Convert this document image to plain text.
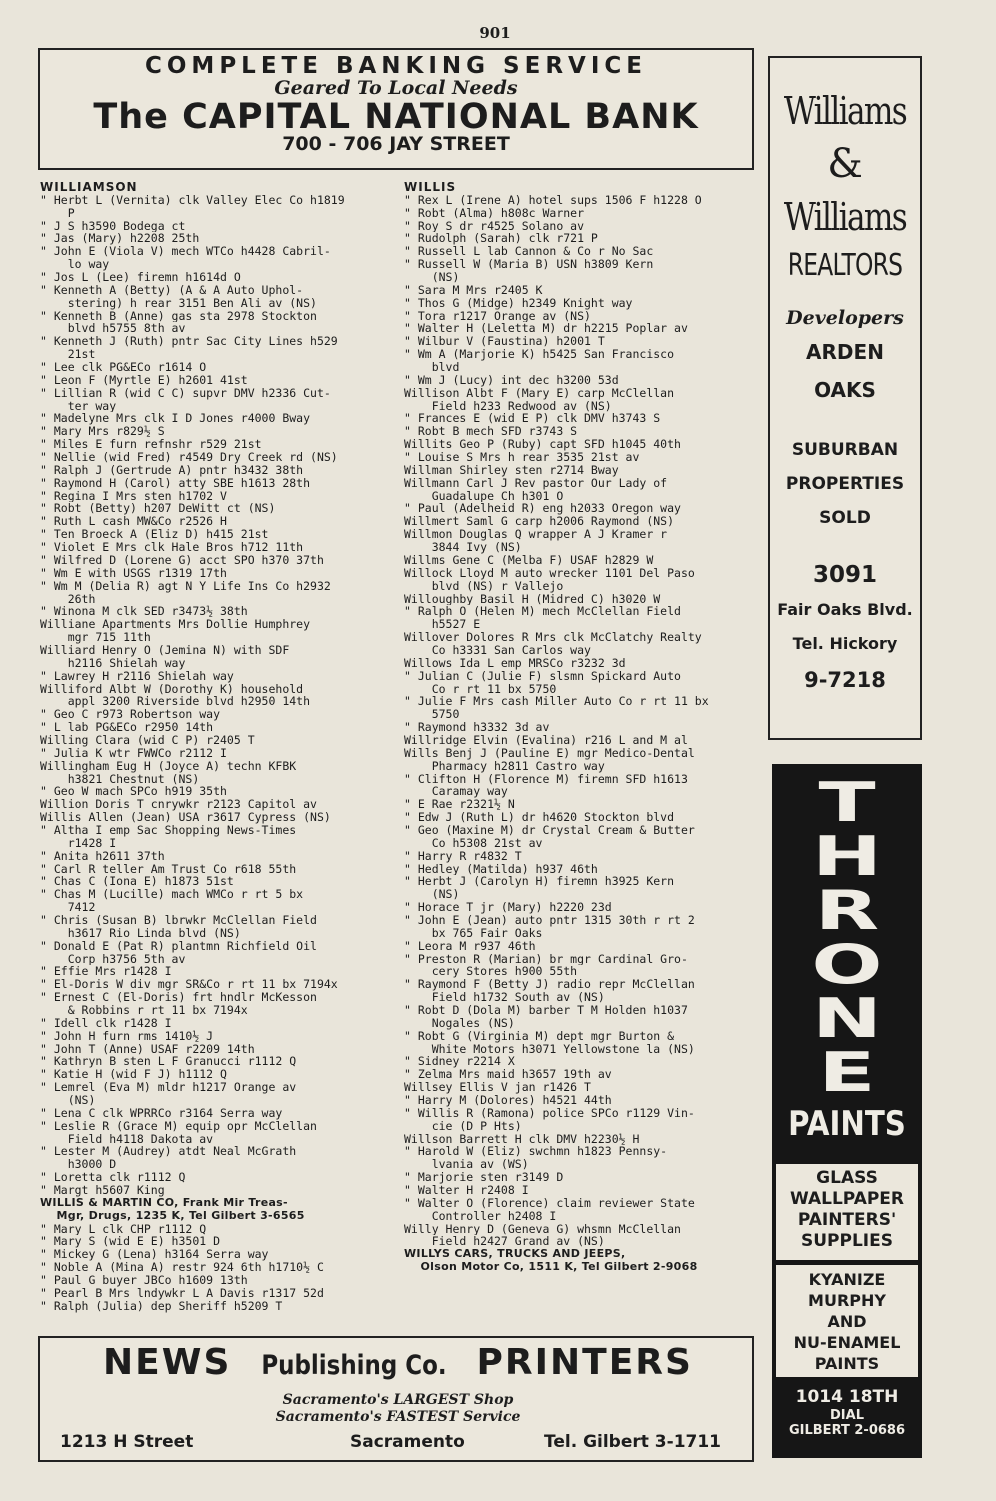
901
COMPLETE BANKING SERVICE
Geared To Local Needs
The CAPITAL NATIONAL BANK
700 - 706 JAY STREET
WILLIAMSON
" Herbt L (Vernita) clk Valley Elec Co h1819
P
" J S h3590 Bodega ct
" Jas (Mary) h2208 25th
" John E (Viola V) mech WTCo h4428 Cabril-
lo way
" Jos L (Lee) firemn h1614d O
" Kenneth A (Betty) (A & A Auto Uphol-
stering) h rear 3151 Ben Ali av (NS)
" Kenneth B (Anne) gas sta 2978 Stockton
blvd h5755 8th av
" Kenneth J (Ruth) pntr Sac City Lines h529
21st
" Lee clk PG&ECo r1614 O
" Leon F (Myrtle E) h2601 41st
" Lillian R (wid C C) supvr DMV h2336 Cut-
ter way
" Madelyne Mrs clk I D Jones r4000 Bway
" Mary Mrs r829½ S
" Miles E furn refnshr r529 21st
" Nellie (wid Fred) r4549 Dry Creek rd (NS)
" Ralph J (Gertrude A) pntr h3432 38th
" Raymond H (Carol) atty SBE h1613 28th
" Regina I Mrs sten h1702 V
" Robt (Betty) h207 DeWitt ct (NS)
" Ruth L cash MW&Co r2526 H
" Ten Broeck A (Eliz D) h415 21st
" Violet E Mrs clk Hale Bros h712 11th
" Wilfred D (Lorene G) acct SPO h370 37th
" Wm E with USGS r1319 17th
" Wm M (Delia R) agt N Y Life Ins Co h2932
26th
" Winona M clk SED r3473½ 38th
Williane Apartments Mrs Dollie Humphrey
mgr 715 11th
Williard Henry O (Jemina N) with SDF
h2116 Shielah way
" Lawrey H r2116 Shielah way
Williford Albt W (Dorothy K) household
appl 3200 Riverside blvd h2950 14th
" Geo C r973 Robertson way
" L lab PG&ECo r2950 14th
Willing Clara (wid C P) r2405 T
" Julia K wtr FWWCo r2112 I
Willingham Eug H (Joyce A) techn KFBK
h3821 Chestnut (NS)
" Geo W mach SPCo h919 35th
Willion Doris T cnrywkr r2123 Capitol av
Willis Allen (Jean) USA r3617 Cypress (NS)
" Altha I emp Sac Shopping News-Times
r1428 I
" Anita h2611 37th
" Carl R teller Am Trust Co r618 55th
" Chas C (Iona E) h1873 51st
" Chas M (Lucille) mach WMCo r rt 5 bx
7412
" Chris (Susan B) lbrwkr McClellan Field
h3617 Rio Linda blvd (NS)
" Donald E (Pat R) plantmn Richfield Oil
Corp h3756 5th av
" Effie Mrs r1428 I
" El-Doris W div mgr SR&Co r rt 11 bx 7194x
" Ernest C (El-Doris) frt hndlr McKesson
& Robbins r rt 11 bx 7194x
" Idell clk r1428 I
" John H furn rms 1410½ J
" John T (Anne) USAF r2209 14th
" Kathryn B sten L F Granucci r1112 Q
" Katie H (wid F J) h1112 Q
" Lemrel (Eva M) mldr h1217 Orange av
(NS)
" Lena C clk WPRRCo r3164 Serra way
" Leslie R (Grace M) equip opr McClellan
Field h4118 Dakota av
" Lester M (Audrey) atdt Neal McGrath
h3000 D
" Loretta clk r1112 Q
" Margt h5607 King
WILLIS & MARTIN CO, Frank Mir Treas-
Mgr, Drugs, 1235 K, Tel Gilbert 3-6565
" Mary L clk CHP r1112 Q
" Mary S (wid E E) h3501 D
" Mickey G (Lena) h3164 Serra way
" Noble A (Mina A) restr 924 6th h1710½ C
" Paul G buyer JBCo h1609 13th
" Pearl B Mrs lndywkr L A Davis r1317 52d
" Ralph (Julia) dep Sheriff h5209 T
WILLIS
" Rex L (Irene A) hotel sups 1506 F h1228 O
" Robt (Alma) h808c Warner
" Roy S dr r4525 Solano av
" Rudolph (Sarah) clk r721 P
" Russell L lab Cannon & Co r No Sac
" Russell W (Maria B) USN h3809 Kern
(NS)
" Sara M Mrs r2405 K
" Thos G (Midge) h2349 Knight way
" Tora r1217 Orange av (NS)
" Walter H (Leletta M) dr h2215 Poplar av
" Wilbur V (Faustina) h2001 T
" Wm A (Marjorie K) h5425 San Francisco
blvd
" Wm J (Lucy) int dec h3200 53d
Willison Albt F (Mary E) carp McClellan
Field h233 Redwood av (NS)
" Frances E (wid E P) clk DMV h3743 S
" Robt B mech SFD r3743 S
Willits Geo P (Ruby) capt SFD h1045 40th
" Louise S Mrs h rear 3535 21st av
Willman Shirley sten r2714 Bway
Willmann Carl J Rev pastor Our Lady of
Guadalupe Ch h301 O
" Paul (Adelheid R) eng h2033 Oregon way
Willmert Saml G carp h2006 Raymond (NS)
Willmon Douglas Q wrapper A J Kramer r
3844 Ivy (NS)
Willms Gene C (Melba F) USAF h2829 W
Willock Lloyd M auto wrecker 1101 Del Paso
blvd (NS) r Vallejo
Willoughby Basil H (Midred C) h3020 W
" Ralph O (Helen M) mech McClellan Field
h5527 E
Willover Dolores R Mrs clk McClatchy Realty
Co h3331 San Carlos way
Willows Ida L emp MRSCo r3232 3d
" Julian C (Julie F) slsmn Spickard Auto
Co r rt 11 bx 5750
" Julie F Mrs cash Miller Auto Co r rt 11 bx
5750
" Raymond h3332 3d av
Willridge Elvin (Evalina) r216 L and M al
Wills Benj J (Pauline E) mgr Medico-Dental
Pharmacy h2811 Castro way
" Clifton H (Florence M) firemn SFD h1613
Caramay way
" E Rae r2321½ N
" Edw J (Ruth L) dr h4620 Stockton blvd
" Geo (Maxine M) dr Crystal Cream & Butter
Co h5308 21st av
" Harry R r4832 T
" Hedley (Matilda) h937 46th
" Herbt J (Carolyn H) firemn h3925 Kern
(NS)
" Horace T jr (Mary) h2220 23d
" John E (Jean) auto pntr 1315 30th r rt 2
bx 765 Fair Oaks
" Leora M r937 46th
" Preston R (Marian) br mgr Cardinal Gro-
cery Stores h900 55th
" Raymond F (Betty J) radio repr McClellan
Field h1732 South av (NS)
" Robt D (Dola M) barber T M Holden h1037
Nogales (NS)
" Robt G (Virginia M) dept mgr Burton &
White Motors h3071 Yellowstone la (NS)
" Sidney r2214 X
" Zelma Mrs maid h3657 19th av
Willsey Ellis V jan r1426 T
" Harry M (Dolores) h4521 44th
" Willis R (Ramona) police SPCo r1129 Vin-
cie (D P Hts)
Willson Barrett H clk DMV h2230½ H
" Harold W (Eliz) swchmn h1823 Pennsy-
lvania av (WS)
" Marjorie sten r3149 D
" Walter H r2408 I
" Walter O (Florence) claim reviewer State
Controller h2408 I
Willy Henry D (Geneva G) whsmn McClellan
Field h2427 Grand av (NS)
WILLYS CARS, TRUCKS AND JEEPS,
Olson Motor Co, 1511 K, Tel Gilbert 2-9068
Williams
&
Williams
REALTORS
Developers
ARDEN
OAKS
SUBURBAN
PROPERTIES
SOLD
3091
Fair Oaks Blvd.
Tel. Hickory
9-7218
T
H
R
O
N
E
PAINTS
GLASS
WALLPAPER
PAINTERS'
SUPPLIES
KYANIZE
MURPHY
AND
NU-ENAMEL
PAINTS
1014 18TH
DIAL
GILBERT 2-0686
NEWS Publishing Co. PRINTERS
Sacramento's LARGEST Shop
Sacramento's FASTEST Service
1213 H Street	Sacramento	Tel. Gilbert 3-1711
